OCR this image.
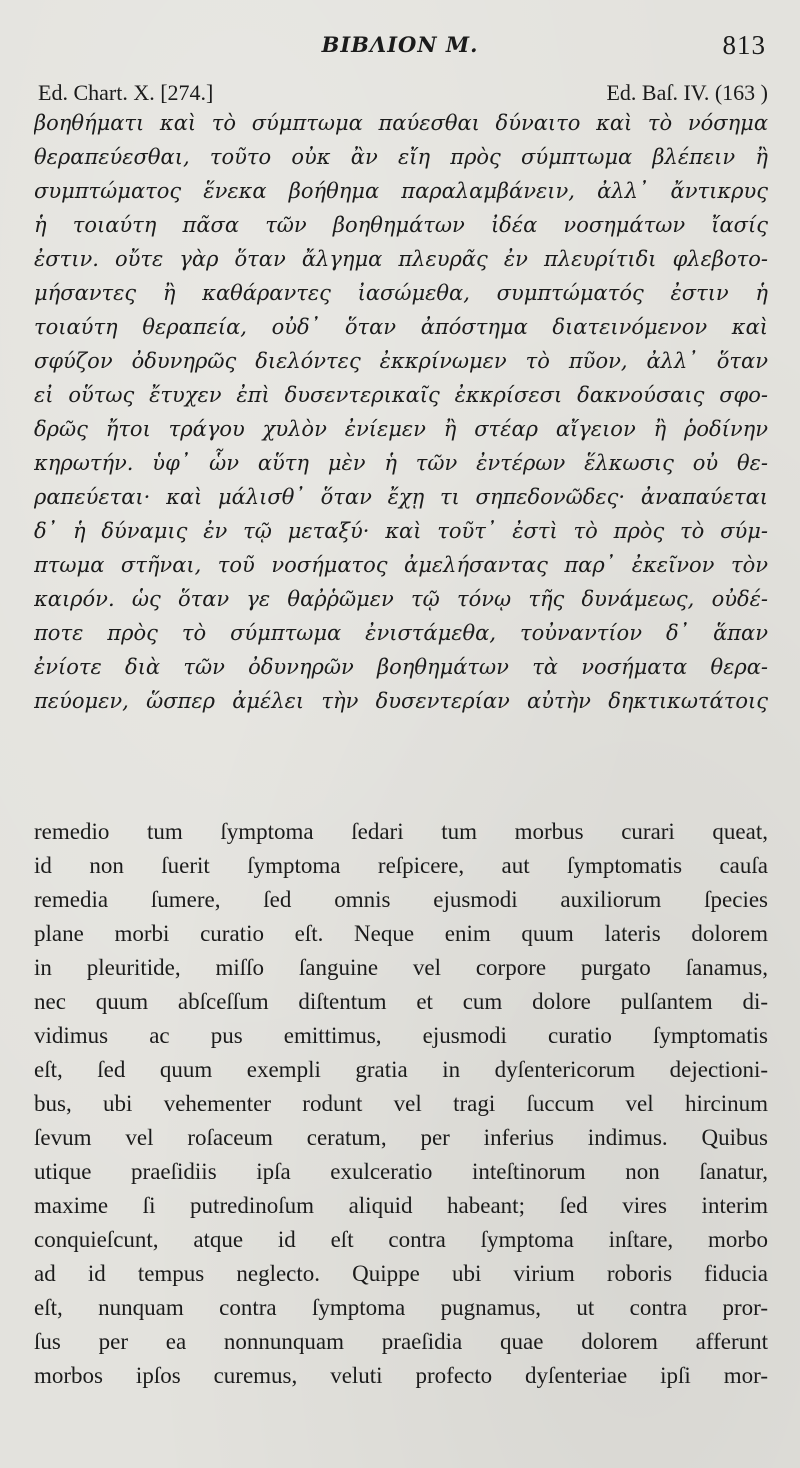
BIBΛION M.	813
Ed. Chart. X. [274.]	Ed. Baſ. IV. (163 )
βοηθήματι καὶ τὸ σύμπτωμα παύεσθαι δύναιτο καὶ τὸ νόσημα
θεραπεύεσθαι, τοῦτο οὐκ ἂν εἴη πρὸς σύμπτωμα βλέπειν ἢ
συμπτώματος ἕνεκα βοήθημα παραλαμβάνειν, ἀλλ᾽ ἄντικρυς
ἡ τοιαύτη πᾶσα τῶν βοηθημάτων ἰδέα νοσημάτων ἴασίς
ἐστιν. οὔτε γὰρ ὅταν ἄλγημα πλευρᾶς ἐν πλευρίτιδι φλεβοτο-
μήσαντες ἢ καθάραντες ἰασώμεθα, συμπτώματός ἐστιν ἡ
τοιαύτη θεραπεία, οὐδ᾽ ὅταν ἀπόστημα διατεινόμενον καὶ
σφύζον ὀδυνηρῶς διελόντες ἐκκρίνωμεν τὸ πῦον, ἀλλ᾽ ὅταν
εἰ οὕτως ἔτυχεν ἐπὶ δυσεντερικαῖς ἐκκρίσεσι δακνούσαις σφο-
δρῶς ἤτοι τράγου χυλὸν ἐνίεμεν ἢ στέαρ αἴγειον ἢ ῥοδίνην
κηρωτήν. ὑφ᾽ ὧν αὕτη μὲν ἡ τῶν ἐντέρων ἕλκωσις οὐ θε-
ραπεύεται· καὶ μάλισθ᾽ ὅταν ἔχῃ τι σηπεδονῶδες· ἀναπαύεται
δ᾽ ἡ δύναμις ἐν τῷ μεταξύ· καὶ τοῦτ᾽ ἐστὶ τὸ πρὸς τὸ σύμ-
πτωμα στῆναι, τοῦ νοσήματος ἀμελήσαντας παρ᾽ ἐκεῖνον τὸν
καιρόν. ὡς ὅταν γε θαῤῥῶμεν τῷ τόνῳ τῆς δυνάμεως, οὐδέ-
ποτε πρὸς τὸ σύμπτωμα ἐνιστάμεθα, τοὐναντίον δ᾽ ἅπαν
ἐνίοτε διὰ τῶν ὀδυνηρῶν βοηθημάτων τὰ νοσήματα θερα-
πεύομεν, ὥσπερ ἀμέλει τὴν δυσεντερίαν αὐτὴν δηκτικωτάτοις
remedio tum ſymptoma ſedari tum morbus curari queat,
id non ſuerit ſymptoma reſpicere, aut ſymptomatis cauſa
remedia ſumere, ſed omnis ejusmodi auxiliorum ſpecies
plane morbi curatio eſt. Neque enim quum lateris dolorem
in pleuritide, miſſo ſanguine vel corpore purgato ſanamus,
nec quum abſceſſum diſtentum et cum dolore pulſantem di-
vidimus ac pus emittimus, ejusmodi curatio ſymptomatis
eſt, ſed quum exempli gratia in dyſentericorum dejectioni-
bus, ubi vehementer rodunt vel tragi ſuccum vel hircinum
ſevum vel roſaceum ceratum, per inferius indimus. Quibus
utique praeſidiis ipſa exulceratio inteſtinorum non ſanatur,
maxime ſi putredinoſum aliquid habeant; ſed vires interim
conquieſcunt, atque id eſt contra ſymptoma inſtare, morbo
ad id tempus neglecto. Quippe ubi virium roboris fiducia
eſt, nunquam contra ſymptoma pugnamus, ut contra pror-
ſus per ea nonnunquam praeſidia quae dolorem afferunt
morbos ipſos curemus, veluti profecto dyſenteriae ipſi mor-
